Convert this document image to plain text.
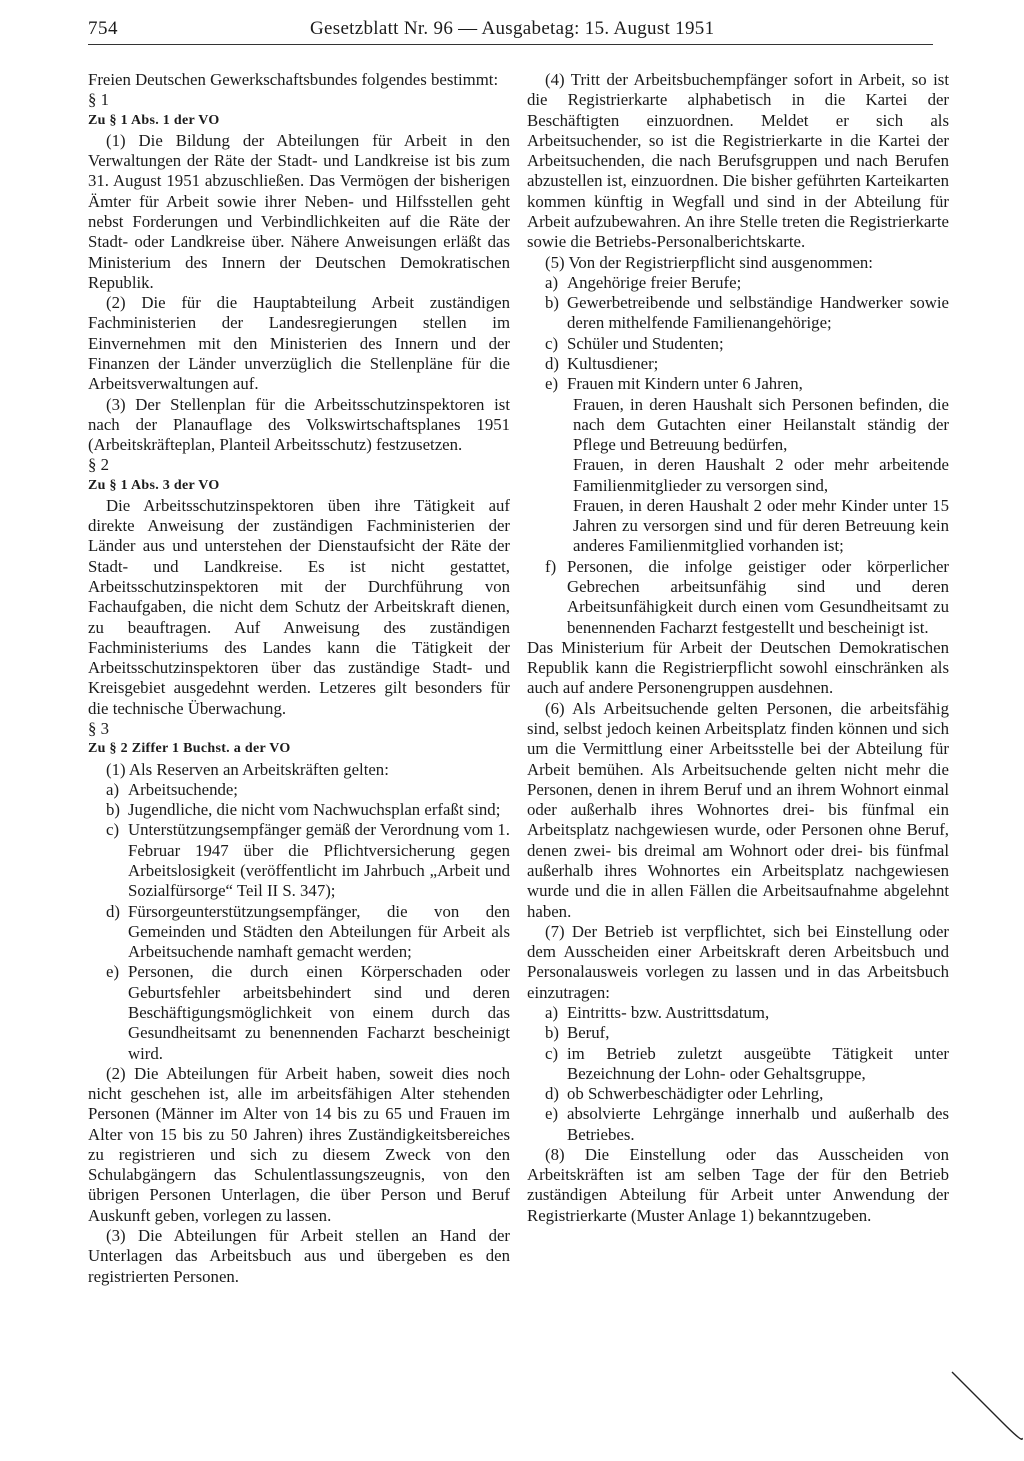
754	Gesetzblatt Nr. 96 — Ausgabetag: 15. August 1951

Freien Deutschen Gewerkschaftsbundes folgendes bestimmt:

§ 1

Zu § 1 Abs. 1 der VO

(1) Die Bildung der Abteilungen für Arbeit in den Verwaltungen der Räte der Stadt- und Landkreise ist bis zum 31. August 1951 abzuschließen. Das Vermögen der bisherigen Ämter für Arbeit sowie ihrer Neben- und Hilfsstellen geht nebst Forderungen und Verbindlichkeiten auf die Räte der Stadt- oder Landkreise über. Nähere Anweisungen erläßt das Ministerium des Innern der Deutschen Demokratischen Republik.

(2) Die für die Hauptabteilung Arbeit zuständigen Fachministerien der Landesregierungen stellen im Einvernehmen mit den Ministerien des Innern und der Finanzen der Länder unverzüglich die Stellenpläne für die Arbeitsverwaltungen auf.

(3) Der Stellenplan für die Arbeitsschutzinspektoren ist nach der Planauflage des Volkswirtschaftsplanes 1951 (Arbeitskräfteplan, Planteil Arbeitsschutz) festzusetzen.

§ 2

Zu § 1 Abs. 3 der VO

Die Arbeitsschutzinspektoren üben ihre Tätigkeit auf direkte Anweisung der zuständigen Fachministerien der Länder aus und unterstehen der Dienstaufsicht der Räte der Stadt- und Landkreise. Es ist nicht gestattet, Arbeitsschutzinspektoren mit der Durchführung von Fachaufgaben, die nicht dem Schutz der Arbeitskraft dienen, zu beauftragen. Auf Anweisung des zuständigen Fachministeriums des Landes kann die Tätigkeit der Arbeitsschutzinspektoren über das zuständige Stadt- und Kreisgebiet ausgedehnt werden. Letzeres gilt besonders für die technische Überwachung.

§ 3

Zu § 2 Ziffer 1 Buchst. a der VO

(1) Als Reserven an Arbeitskräften gelten:

a) Arbeitsuchende;
b) Jugendliche, die nicht vom Nachwuchsplan erfaßt sind;
c) Unterstützungsempfänger gemäß der Verordnung vom 1. Februar 1947 über die Pflichtversicherung gegen Arbeitslosigkeit (veröffentlicht im Jahrbuch „Arbeit und Sozialfürsorge“ Teil II S. 347);
d) Fürsorgeunterstützungsempfänger, die von den Gemeinden und Städten den Abteilungen für Arbeit als Arbeitsuchende namhaft gemacht werden;
e) Personen, die durch einen Körperschaden oder Geburtsfehler arbeitsbehindert sind und deren Beschäftigungsmöglichkeit von einem durch das Gesundheitsamt zu benennenden Facharzt bescheinigt wird.

(2) Die Abteilungen für Arbeit haben, soweit dies noch nicht geschehen ist, alle im arbeitsfähigen Alter stehenden Personen (Männer im Alter von 14 bis zu 65 und Frauen im Alter von 15 bis zu 50 Jahren) ihres Zuständigkeitsbereiches zu registrieren und sich zu diesem Zweck von den Schulabgängern das Schulentlassungszeugnis, von den übrigen Personen Unterlagen, die über Person und Beruf Auskunft geben, vorlegen zu lassen.

(3) Die Abteilungen für Arbeit stellen an Hand der Unterlagen das Arbeitsbuch aus und übergeben es den registrierten Personen.

(4) Tritt der Arbeitsbuchempfänger sofort in Arbeit, so ist die Registrierkarte alphabetisch in die Kartei der Beschäftigten einzuordnen. Meldet er sich als Arbeitsuchender, so ist die Registrierkarte in die Kartei der Arbeitsuchenden, die nach Berufsgruppen und nach Berufen abzustellen ist, einzuordnen. Die bisher geführten Karteikarten kommen künftig in Wegfall und sind in der Abteilung für Arbeit aufzubewahren. An ihre Stelle treten die Registrierkarte sowie die Betriebs-Personalberichtskarte.

(5) Von der Registrierpflicht sind ausgenommen:

a) Angehörige freier Berufe;
b) Gewerbetreibende und selbständige Handwerker sowie deren mithelfende Familienangehörige;
c) Schüler und Studenten;
d) Kultusdiener;
e) Frauen mit Kindern unter 6 Jahren,

Frauen, in deren Haushalt sich Personen befinden, die nach dem Gutachten einer Heilanstalt ständig der Pflege und Betreuung bedürfen,

Frauen, in deren Haushalt 2 oder mehr arbeitende Familienmitglieder zu versorgen sind,

Frauen, in deren Haushalt 2 oder mehr Kinder unter 15 Jahren zu versorgen sind und für deren Betreuung kein anderes Familienmitglied vorhanden ist;

f) Personen, die infolge geistiger oder körperlicher Gebrechen arbeitsunfähig sind und deren Arbeitsunfähigkeit durch einen vom Gesundheitsamt zu benennenden Facharzt festgestellt und bescheinigt ist.

Das Ministerium für Arbeit der Deutschen Demokratischen Republik kann die Registrierpflicht sowohl einschränken als auch auf andere Personengruppen ausdehnen.

(6) Als Arbeitsuchende gelten Personen, die arbeitsfähig sind, selbst jedoch keinen Arbeitsplatz finden können und sich um die Vermittlung einer Arbeitsstelle bei der Abteilung für Arbeit bemühen. Als Arbeitsuchende gelten nicht mehr die Personen, denen in ihrem Beruf und an ihrem Wohnort einmal oder außerhalb ihres Wohnortes drei- bis fünfmal ein Arbeitsplatz nachgewiesen wurde, oder Personen ohne Beruf, denen zwei- bis dreimal am Wohnort oder drei- bis fünfmal außerhalb ihres Wohnortes ein Arbeitsplatz nachgewiesen wurde und die in allen Fällen die Arbeitsaufnahme abgelehnt haben.

(7) Der Betrieb ist verpflichtet, sich bei Einstellung oder dem Ausscheiden einer Arbeitskraft deren Arbeitsbuch und Personalausweis vorlegen zu lassen und in das Arbeitsbuch einzutragen:

a) Eintritts- bzw. Austrittsdatum,
b) Beruf,
c) im Betrieb zuletzt ausgeübte Tätigkeit unter Bezeichnung der Lohn- oder Gehaltsgruppe,
d) ob Schwerbeschädigter oder Lehrling,
e) absolvierte Lehrgänge innerhalb und außerhalb des Betriebes.

(8) Die Einstellung oder das Ausscheiden von Arbeitskräften ist am selben Tage der für den Betrieb zuständigen Abteilung für Arbeit unter Anwendung der Registrierkarte (Muster Anlage 1) bekanntzugeben.
